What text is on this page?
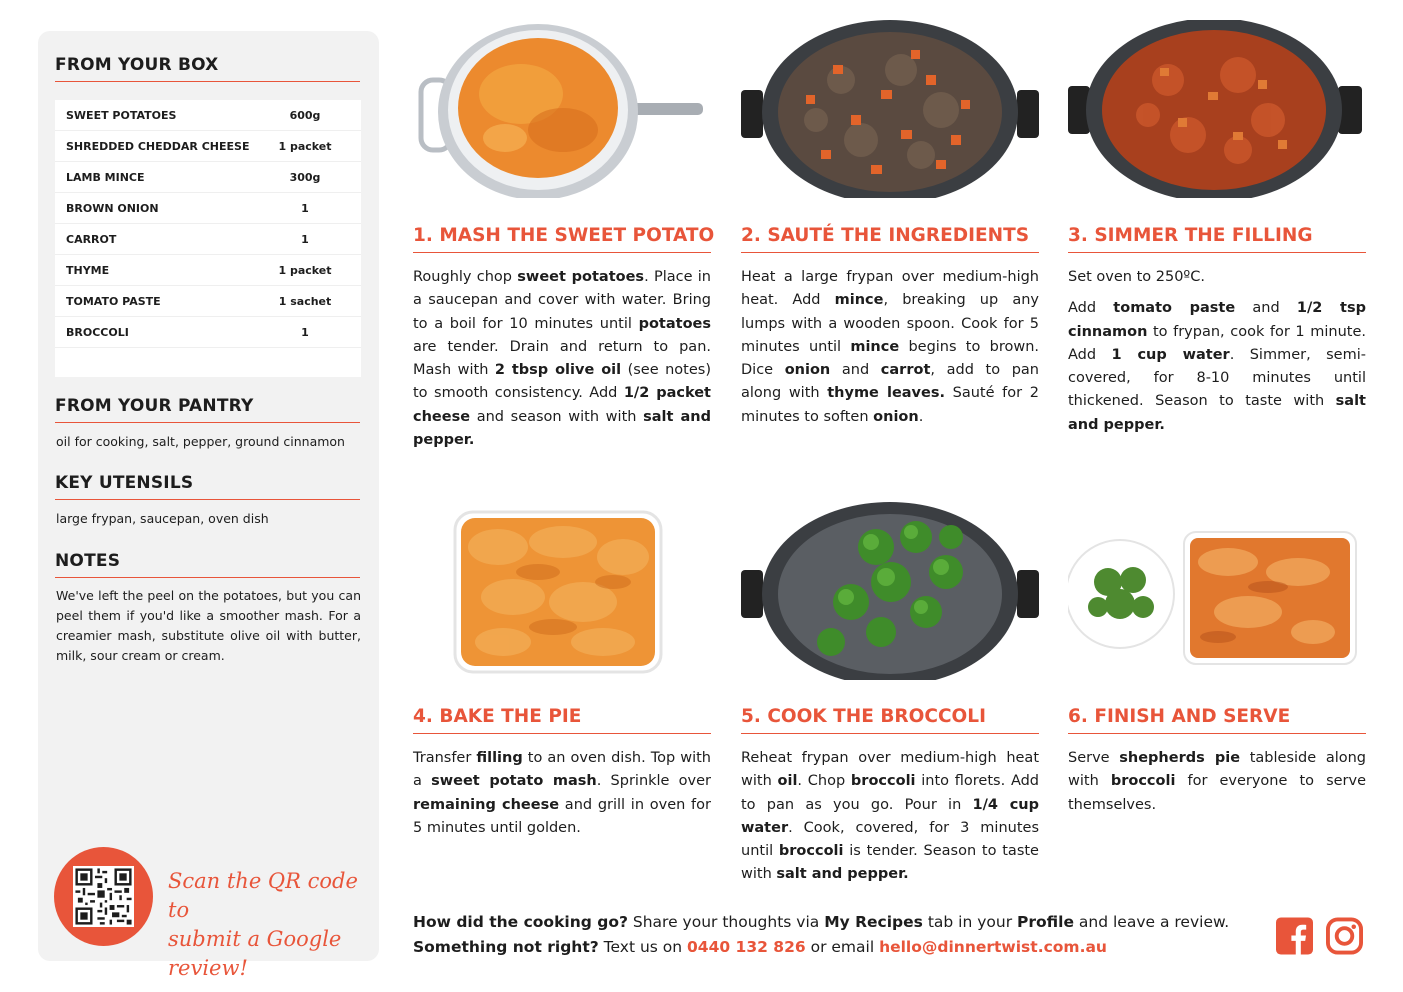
FROM YOUR BOX
SWEET POTATOES	600g
SHREDDED CHEDDAR CHEESE	1 packet
LAMB MINCE	300g
BROWN ONION	1
CARROT	1
THYME	1 packet
TOMATO PASTE	1 sachet
BROCCOLI	1
FROM YOUR PANTRY
oil for cooking, salt, pepper, ground cinnamon
KEY UTENSILS
large frypan, saucepan, oven dish
NOTES
We've left the peel on the potatoes, but you can peel them if you'd like a smoother mash. For a creamier mash, substitute olive oil with butter, milk, sour cream or cream.
Scan the QR code to
submit a Google review!
1. MASH THE SWEET POTATO

Roughly chop sweet potatoes. Place in a saucepan and cover with water. Bring to a boil for 10 minutes until potatoes are tender. Drain and return to pan. Mash with 2 tbsp olive oil (see notes) to smooth consistency. Add 1/2 packet cheese and season with with salt and pepper.

2. SAUTÉ THE INGREDIENTS

Heat a large frypan over medium-high heat. Add mince, breaking up any lumps with a wooden spoon. Cook for 5 minutes until mince begins to brown. Dice onion and carrot, add to pan along with thyme leaves. Sauté for 2 minutes to soften onion.

3. SIMMER THE FILLING

Set oven to 250ºC.

Add tomato paste and 1/2 tsp cinnamon to frypan, cook for 1 minute. Add 1 cup water. Simmer, semi-covered, for 8-10 minutes until thickened. Season to taste with salt and pepper.

4. BAKE THE PIE

Transfer filling to an oven dish. Top with a sweet potato mash. Sprinkle over remaining cheese and grill in oven for 5 minutes until golden.

5. COOK THE BROCCOLI

Reheat frypan over medium-high heat with oil. Chop broccoli into florets. Add to pan as you go. Pour in 1/4 cup water. Cook, covered, for 3 minutes until broccoli is tender. Season to taste with salt and pepper.

6. FINISH AND SERVE

Serve shepherds pie tableside along with broccoli for everyone to serve themselves.

How did the cooking go? Share your thoughts via My Recipes tab in your Profile and leave a review.
Something not right? Text us on 0440 132 826 or email hello@dinnertwist.com.au
